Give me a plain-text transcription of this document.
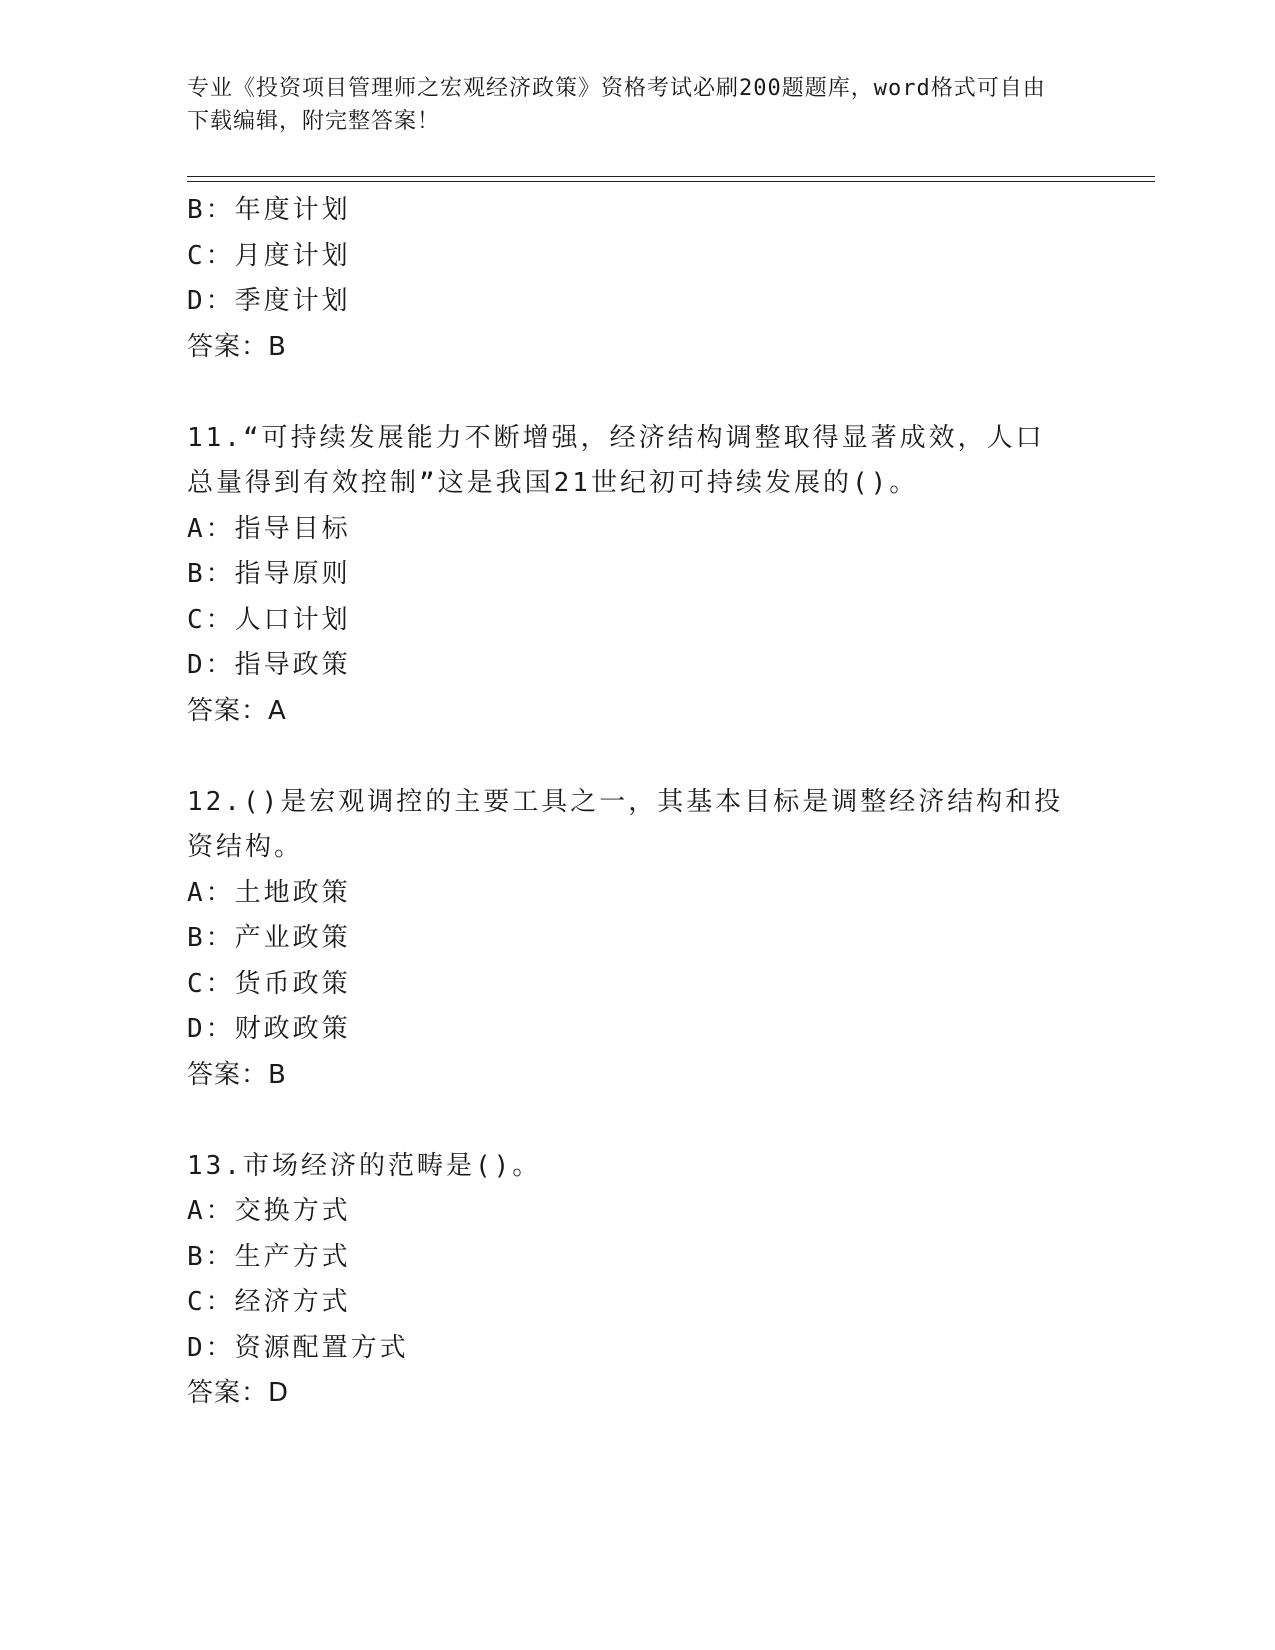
专业《投资项目管理师之宏观经济政策》资格考试必刷200题题库，word格式可自由下载编辑，附完整答案！
B：年度计划
C：月度计划
D：季度计划
答案：B
11.“可持续发展能力不断增强，经济结构调整取得显著成效，人口总量得到有效控制”这是我国21世纪初可持续发展的()。
A：指导目标
B：指导原则
C：人口计划
D：指导政策
答案：A
12.()是宏观调控的主要工具之一，其基本目标是调整经济结构和投资结构。
A：土地政策
B：产业政策
C：货币政策
D：财政政策
答案：B
13.市场经济的范畴是()。
A：交换方式
B：生产方式
C：经济方式
D：资源配置方式
答案：D
